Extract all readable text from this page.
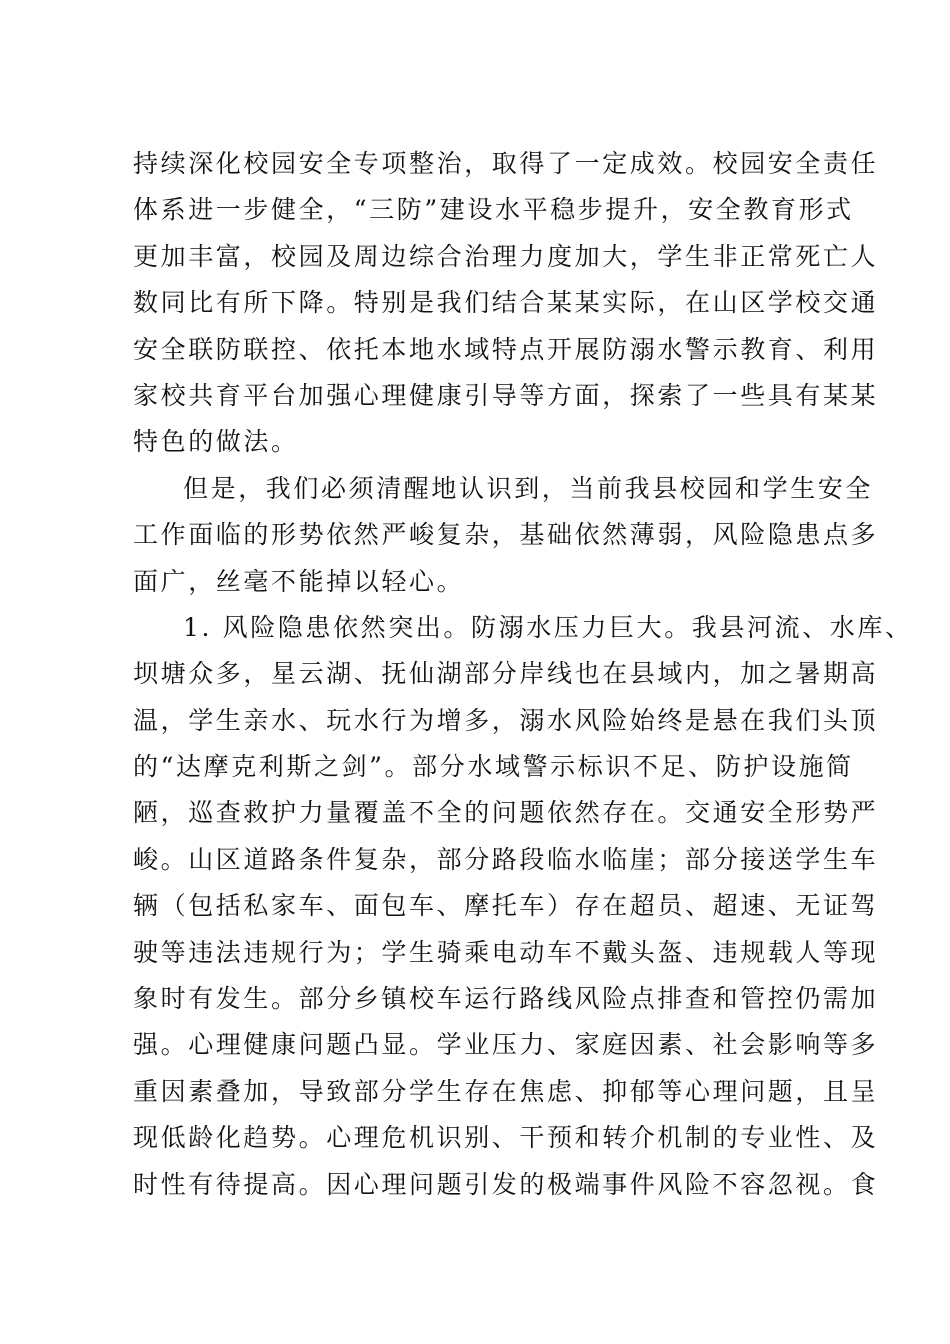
持续深化校园安全专项整治，取得了一定成效。校园安全责任
体系进一步健全，“三防”建设水平稳步提升，安全教育形式
更加丰富，校园及周边综合治理力度加大，学生非正常死亡人
数同比有所下降。特别是我们结合某某实际，在山区学校交通
安全联防联控、依托本地水域特点开展防溺水警示教育、利用
家校共育平台加强心理健康引导等方面，探索了一些具有某某
特色的做法。
但是，我们必须清醒地认识到，当前我县校园和学生安全
工作面临的形势依然严峻复杂，基础依然薄弱，风险隐患点多
面广，丝毫不能掉以轻心。
1. 风险隐患依然突出。防溺水压力巨大。我县河流、水库、
坝塘众多，星云湖、抚仙湖部分岸线也在县域内，加之暑期高
温，学生亲水、玩水行为增多，溺水风险始终是悬在我们头顶
的“达摩克利斯之剑”。部分水域警示标识不足、防护设施简
陋，巡查救护力量覆盖不全的问题依然存在。交通安全形势严
峻。山区道路条件复杂，部分路段临水临崖；部分接送学生车
辆（包括私家车、面包车、摩托车）存在超员、超速、无证驾
驶等违法违规行为；学生骑乘电动车不戴头盔、违规载人等现
象时有发生。部分乡镇校车运行路线风险点排查和管控仍需加
强。心理健康问题凸显。学业压力、家庭因素、社会影响等多
重因素叠加，导致部分学生存在焦虑、抑郁等心理问题，且呈
现低龄化趋势。心理危机识别、干预和转介机制的专业性、及
时性有待提高。因心理问题引发的极端事件风险不容忽视。食
